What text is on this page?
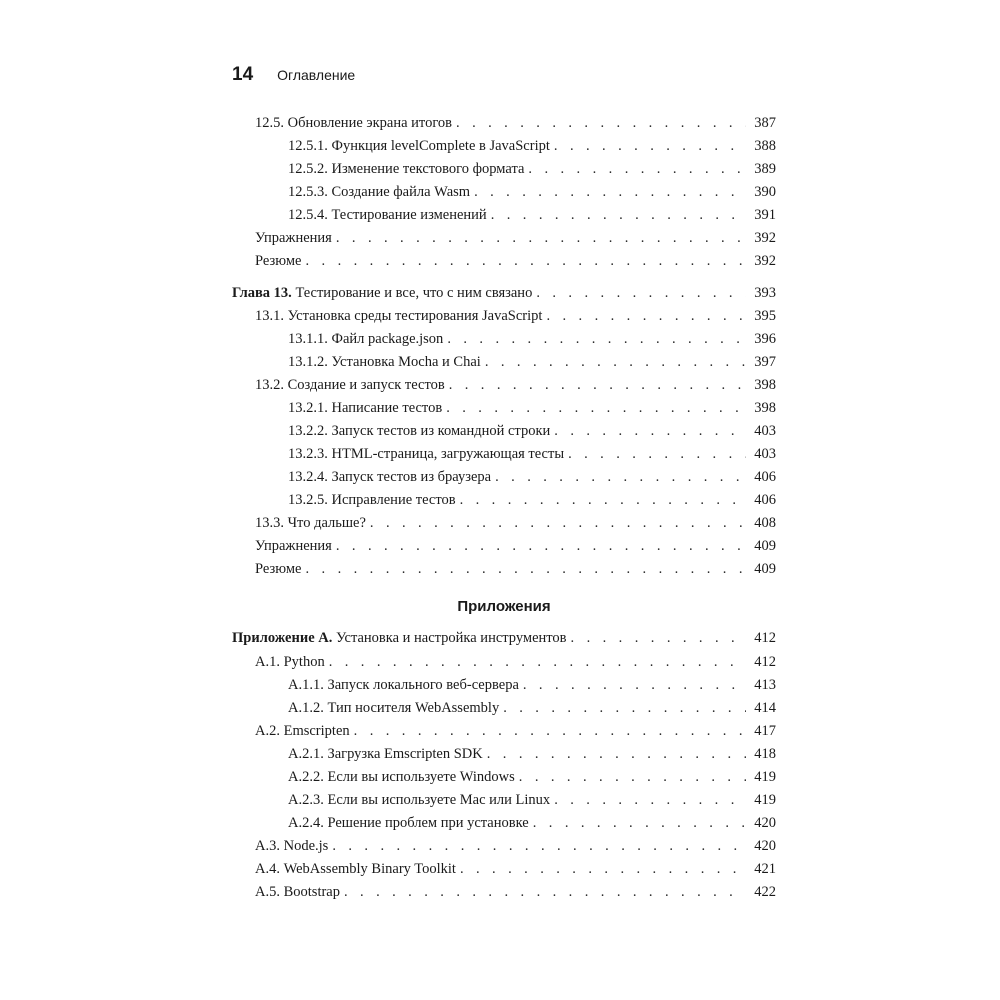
14 Оглавление
Приложения
12.5. Обновление экрана итогов . . .	387
12.5.1. Функция levelComplete в JavaScript . . .	388
12.5.2. Изменение текстового формата . . .	389
12.5.3. Создание файла Wasm . . .	390
12.5.4. Тестирование изменений . . .	391
Упражнения . . .	392
Резюме . . .	392
Глава 13. Тестирование и все, что с ним связано . . .	393
13.1. Установка среды тестирования JavaScript . . .	395
13.1.1. Файл package.json . . .	396
13.1.2. Установка Mocha и Chai . . .	397
13.2. Создание и запуск тестов . . .	398
13.2.1. Написание тестов . . .	398
13.2.2. Запуск тестов из командной строки . . .	403
13.2.3. HTML-страница, загружающая тесты . . .	403
13.2.4. Запуск тестов из браузера . . .	406
13.2.5. Исправление тестов . . .	406
13.3. Что дальше? . . .	408
Упражнения . . .	409
Резюме . . .	409
Приложение А. Установка и настройка инструментов . . .	412
А.1. Python . . .	412
А.1.1. Запуск локального веб-сервера . . .	413
А.1.2. Тип носителя WebAssembly . . .	414
А.2. Emscripten . . .	417
А.2.1. Загрузка Emscripten SDK . . .	418
А.2.2. Если вы используете Windows . . .	419
А.2.3. Если вы используете Mac или Linux . . .	419
А.2.4. Решение проблем при установке . . .	420
А.3. Node.js . . .	420
А.4. WebAssembly Binary Toolkit . . .	421
А.5. Bootstrap . . .	422
